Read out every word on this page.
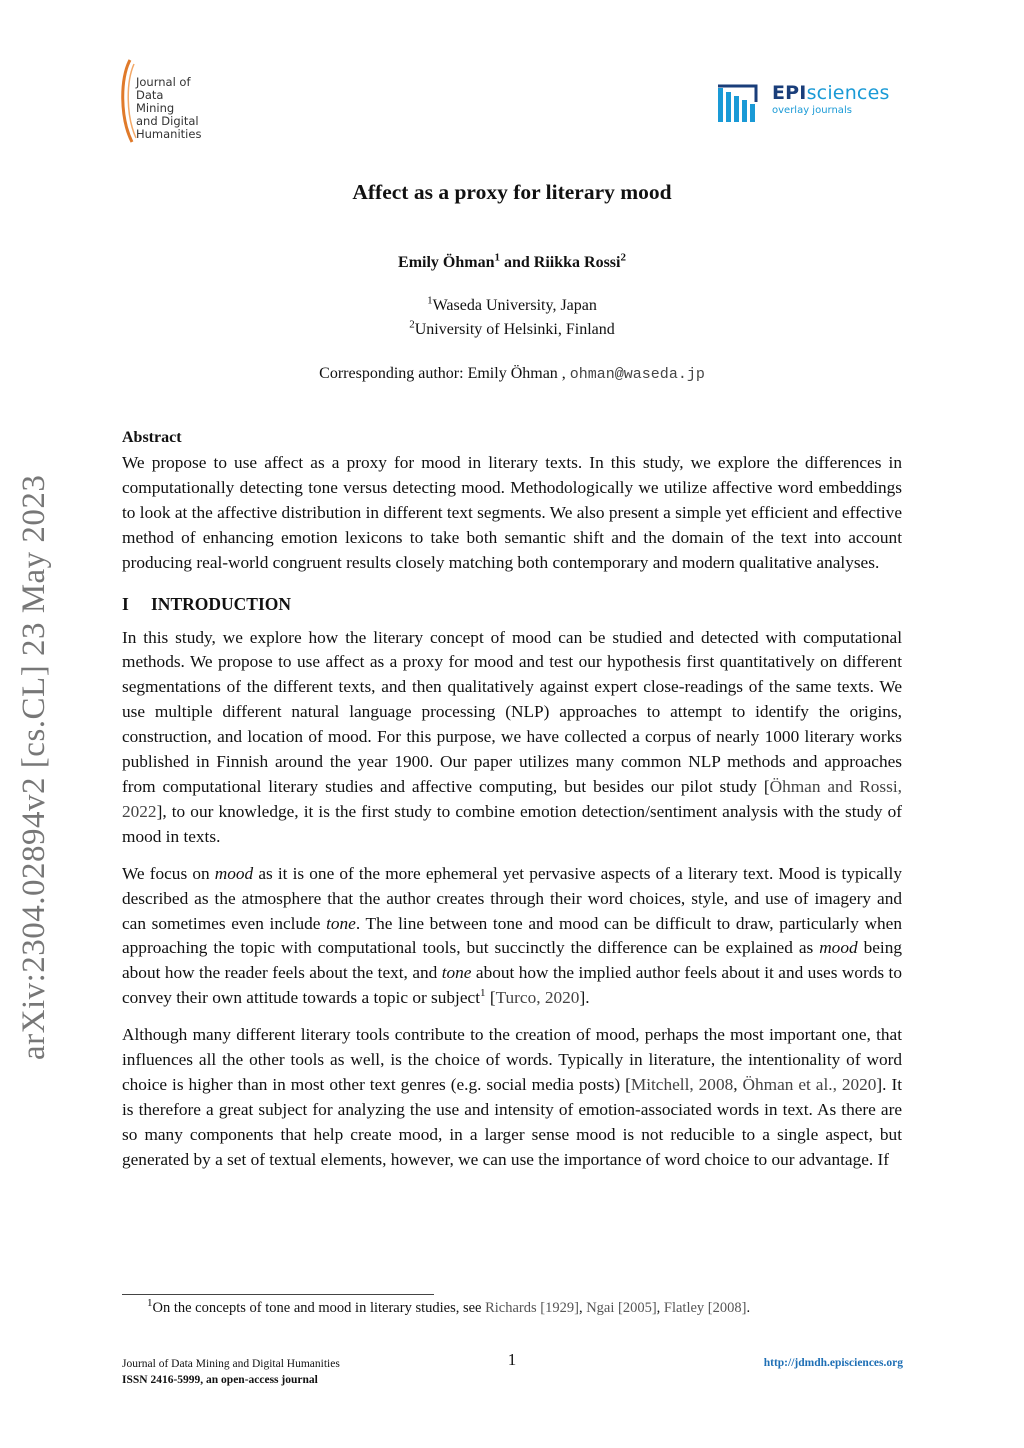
Journal of
Data Mining
and Digital
Humanities
EPIsciences
overlay journals
arXiv:2304.02894v2 [cs.CL] 23 May 2023
Affect as a proxy for literary mood
Emily Öhman$^1$ and Riikka Rossi$^2$
$^1$Waseda University, Japan
$^2$University of Helsinki, Finland
Corresponding author: Emily Öhman , ohman@waseda.jp
Abstract

We propose to use affect as a proxy for mood in literary texts. In this study, we explore the differences in computationally detecting tone versus detecting mood. Methodologically we utilize affective word embeddings to look at the affective distribution in different text segments. We also present a simple yet efficient and effective method of enhancing emotion lexicons to take both semantic shift and the domain of the text into account producing real-world congruent results closely matching both contemporary and modern qualitative analyses.

I INTRODUCTION

In this study, we explore how the literary concept of mood can be studied and detected with computational methods. We propose to use affect as a proxy for mood and test our hypothesis first quantitatively on different segmentations of the different texts, and then qualitatively against expert close-readings of the same texts. We use multiple different natural language processing (NLP) approaches to attempt to identify the origins, construction, and location of mood. For this purpose, we have collected a corpus of nearly 1000 literary works published in Finnish around the year 1900. Our paper utilizes many common NLP methods and approaches from computational literary studies and affective computing, but besides our pilot study [Öhman and Rossi, 2022], to our knowledge, it is the first study to combine emotion detection/sentiment analysis with the study of mood in texts.

We focus on mood as it is one of the more ephemeral yet pervasive aspects of a literary text. Mood is typically described as the atmosphere that the author creates through their word choices, style, and use of imagery and can sometimes even include tone. The line between tone and mood can be difficult to draw, particularly when approaching the topic with computational tools, but succinctly the difference can be explained as mood being about how the reader feels about the text, and tone about how the implied author feels about it and uses words to convey their own attitude towards a topic or subject$^1$ [Turco, 2020].

Although many different literary tools contribute to the creation of mood, perhaps the most important one, that influences all the other tools as well, is the choice of words. Typically in literature, the intentionality of word choice is higher than in most other text genres (e.g. social media posts) [Mitchell, 2008, Öhman et al., 2020]. It is therefore a great subject for analyzing the use and intensity of emotion-associated words in text. As there are so many components that help create mood, in a larger sense mood is not reducible to a single aspect, but generated by a set of textual elements, however, we can use the importance of word choice to our advantage. If

$^1$On the concepts of tone and mood in literary studies, see Richards [1929], Ngai [2005], Flatley [2008].
Journal of Data Mining and Digital Humanities
ISSN 2416-5999, an open-access journal
1	http://jdmdh.episciences.org
